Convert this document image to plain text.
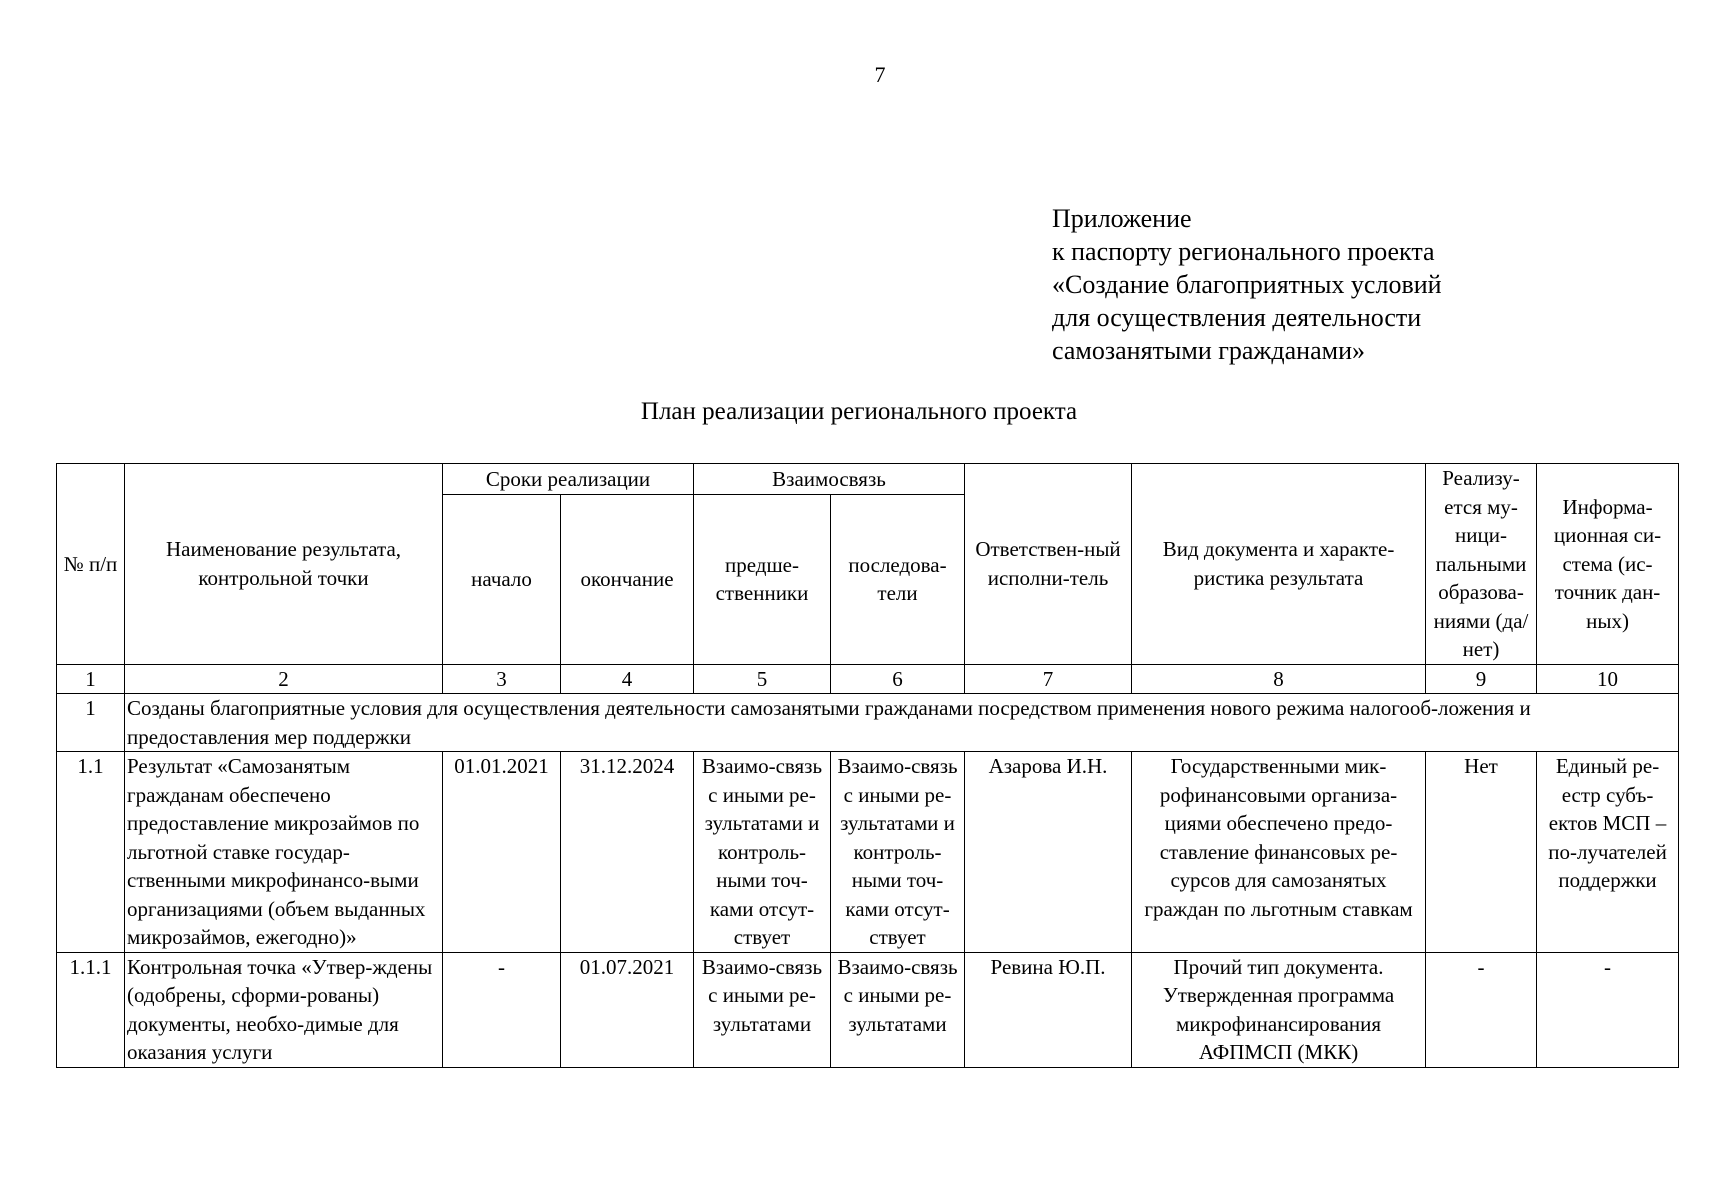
7
Приложение
к паспорту регионального проекта
«Создание благоприятных условий
для осуществления деятельности
самозанятыми гражданами»
План реализации регионального проекта
№ п/п	Наименование результата, контрольной точки	Сроки реализации		Взаимосвязь		Ответствен-ный исполни-тель	Вид документа и характе-ристика результата	Реализу-ется му-ници-пальными образова-ниями (да/нет)	Информа-ционная си-стема (ис-точник дан-ных)
		начало	окончание	предше-ственники	последова-тели				
1	2	3	4	5	6	7	8	9	10
1	Созданы благоприятные условия для осуществления деятельности самозанятыми гражданами посредством применения нового режима налогооб-ложения и предоставления мер поддержки								
1.1	Результат «Самозанятым гражданам обеспечено предоставление микрозаймов по льготной ставке государ-ственными микрофинансо-выми организациями (объем выданных микрозаймов, ежегодно)»	01.01.2021	31.12.2024	Взаимо-связь с иными ре-зультатами и контроль-ными точ-ками отсут-ствует	Взаимо-связь с иными ре-зультатами и контроль-ными точ-ками отсут-ствует	Азарова И.Н.	Государственными мик-рофинансовыми организа-циями обеспечено предо-ставление финансовых ре-сурсов для самозанятых граждан по льготным ставкам	Нет	Единый ре-естр субъ-ектов МСП – по-лучателей поддержки
1.1.1	Контрольная точка «Утвер-ждены (одобрены, сформи-рованы) документы, необхо-димые для оказания услуги	-	01.07.2021	Взаимо-связь с иными ре-зультатами	Взаимо-связь с иными ре-зультатами	Ревина Ю.П.	Прочий тип документа. Утвержденная программа микрофинансирования АФПМСП (МКК)	-	-
